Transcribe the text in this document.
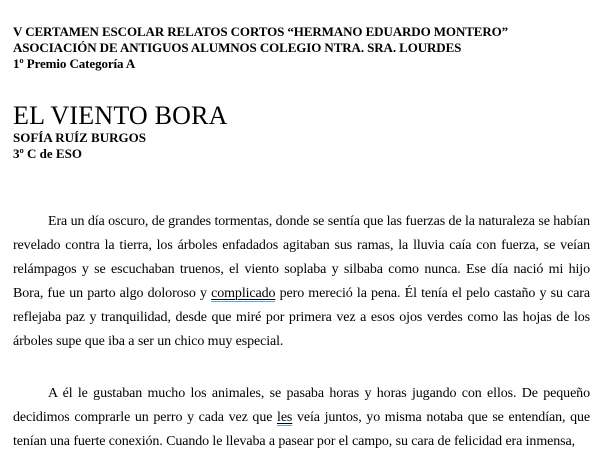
V CERTAMEN ESCOLAR RELATOS CORTOS “HERMANO EDUARDO MONTERO”
ASOCIACIÓN DE ANTIGUOS ALUMNOS COLEGIO NTRA. SRA. LOURDES
1º Premio Categoría A
EL VIENTO BORA
SOFÍA RUÍZ BURGOS
3º C de ESO

Era un día oscuro, de grandes tormentas, donde se sentía que las fuerzas de la naturaleza se habían revelado contra la tierra, los árboles enfadados agitaban sus ramas, la lluvia caía con fuerza, se veían relámpagos y se escuchaban truenos, el viento soplaba y silbaba como nunca. Ese día nació mi hijo Bora, fue un parto algo doloroso y complicado pero mereció la pena. Él tenía el pelo castaño y su cara reflejaba paz y tranquilidad, desde que miré por primera vez a esos ojos verdes como las hojas de los árboles supe que iba a ser un chico muy especial.

A él le gustaban mucho los animales, se pasaba horas y horas jugando con ellos. De pequeño decidimos comprarle un perro y cada vez que les veía juntos, yo misma notaba que se entendían, que tenían una fuerte conexión. Cuando le llevaba a pasear por el campo, su cara de felicidad era inmensa,
